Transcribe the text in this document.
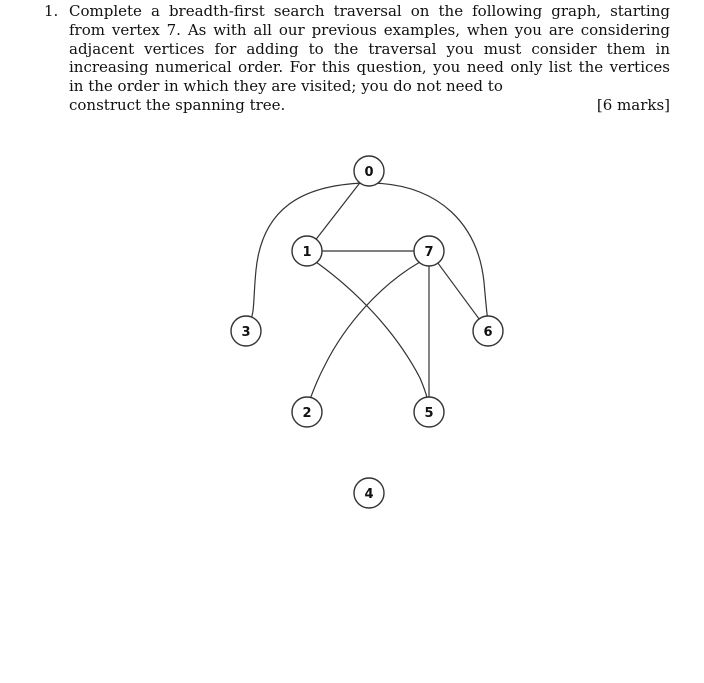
1. Complete a breadth-first search traversal on the following graph, starting from vertex 7. As with all our previous examples, when you are considering adjacent vertices for adding to the traversal you must consider them in increasing numerical order. For this question, you need only list the vertices in the order in which they are visited; you do not need to
construct the spanning tree.	[6 marks]
0
1	7
3	6
2	5
4
